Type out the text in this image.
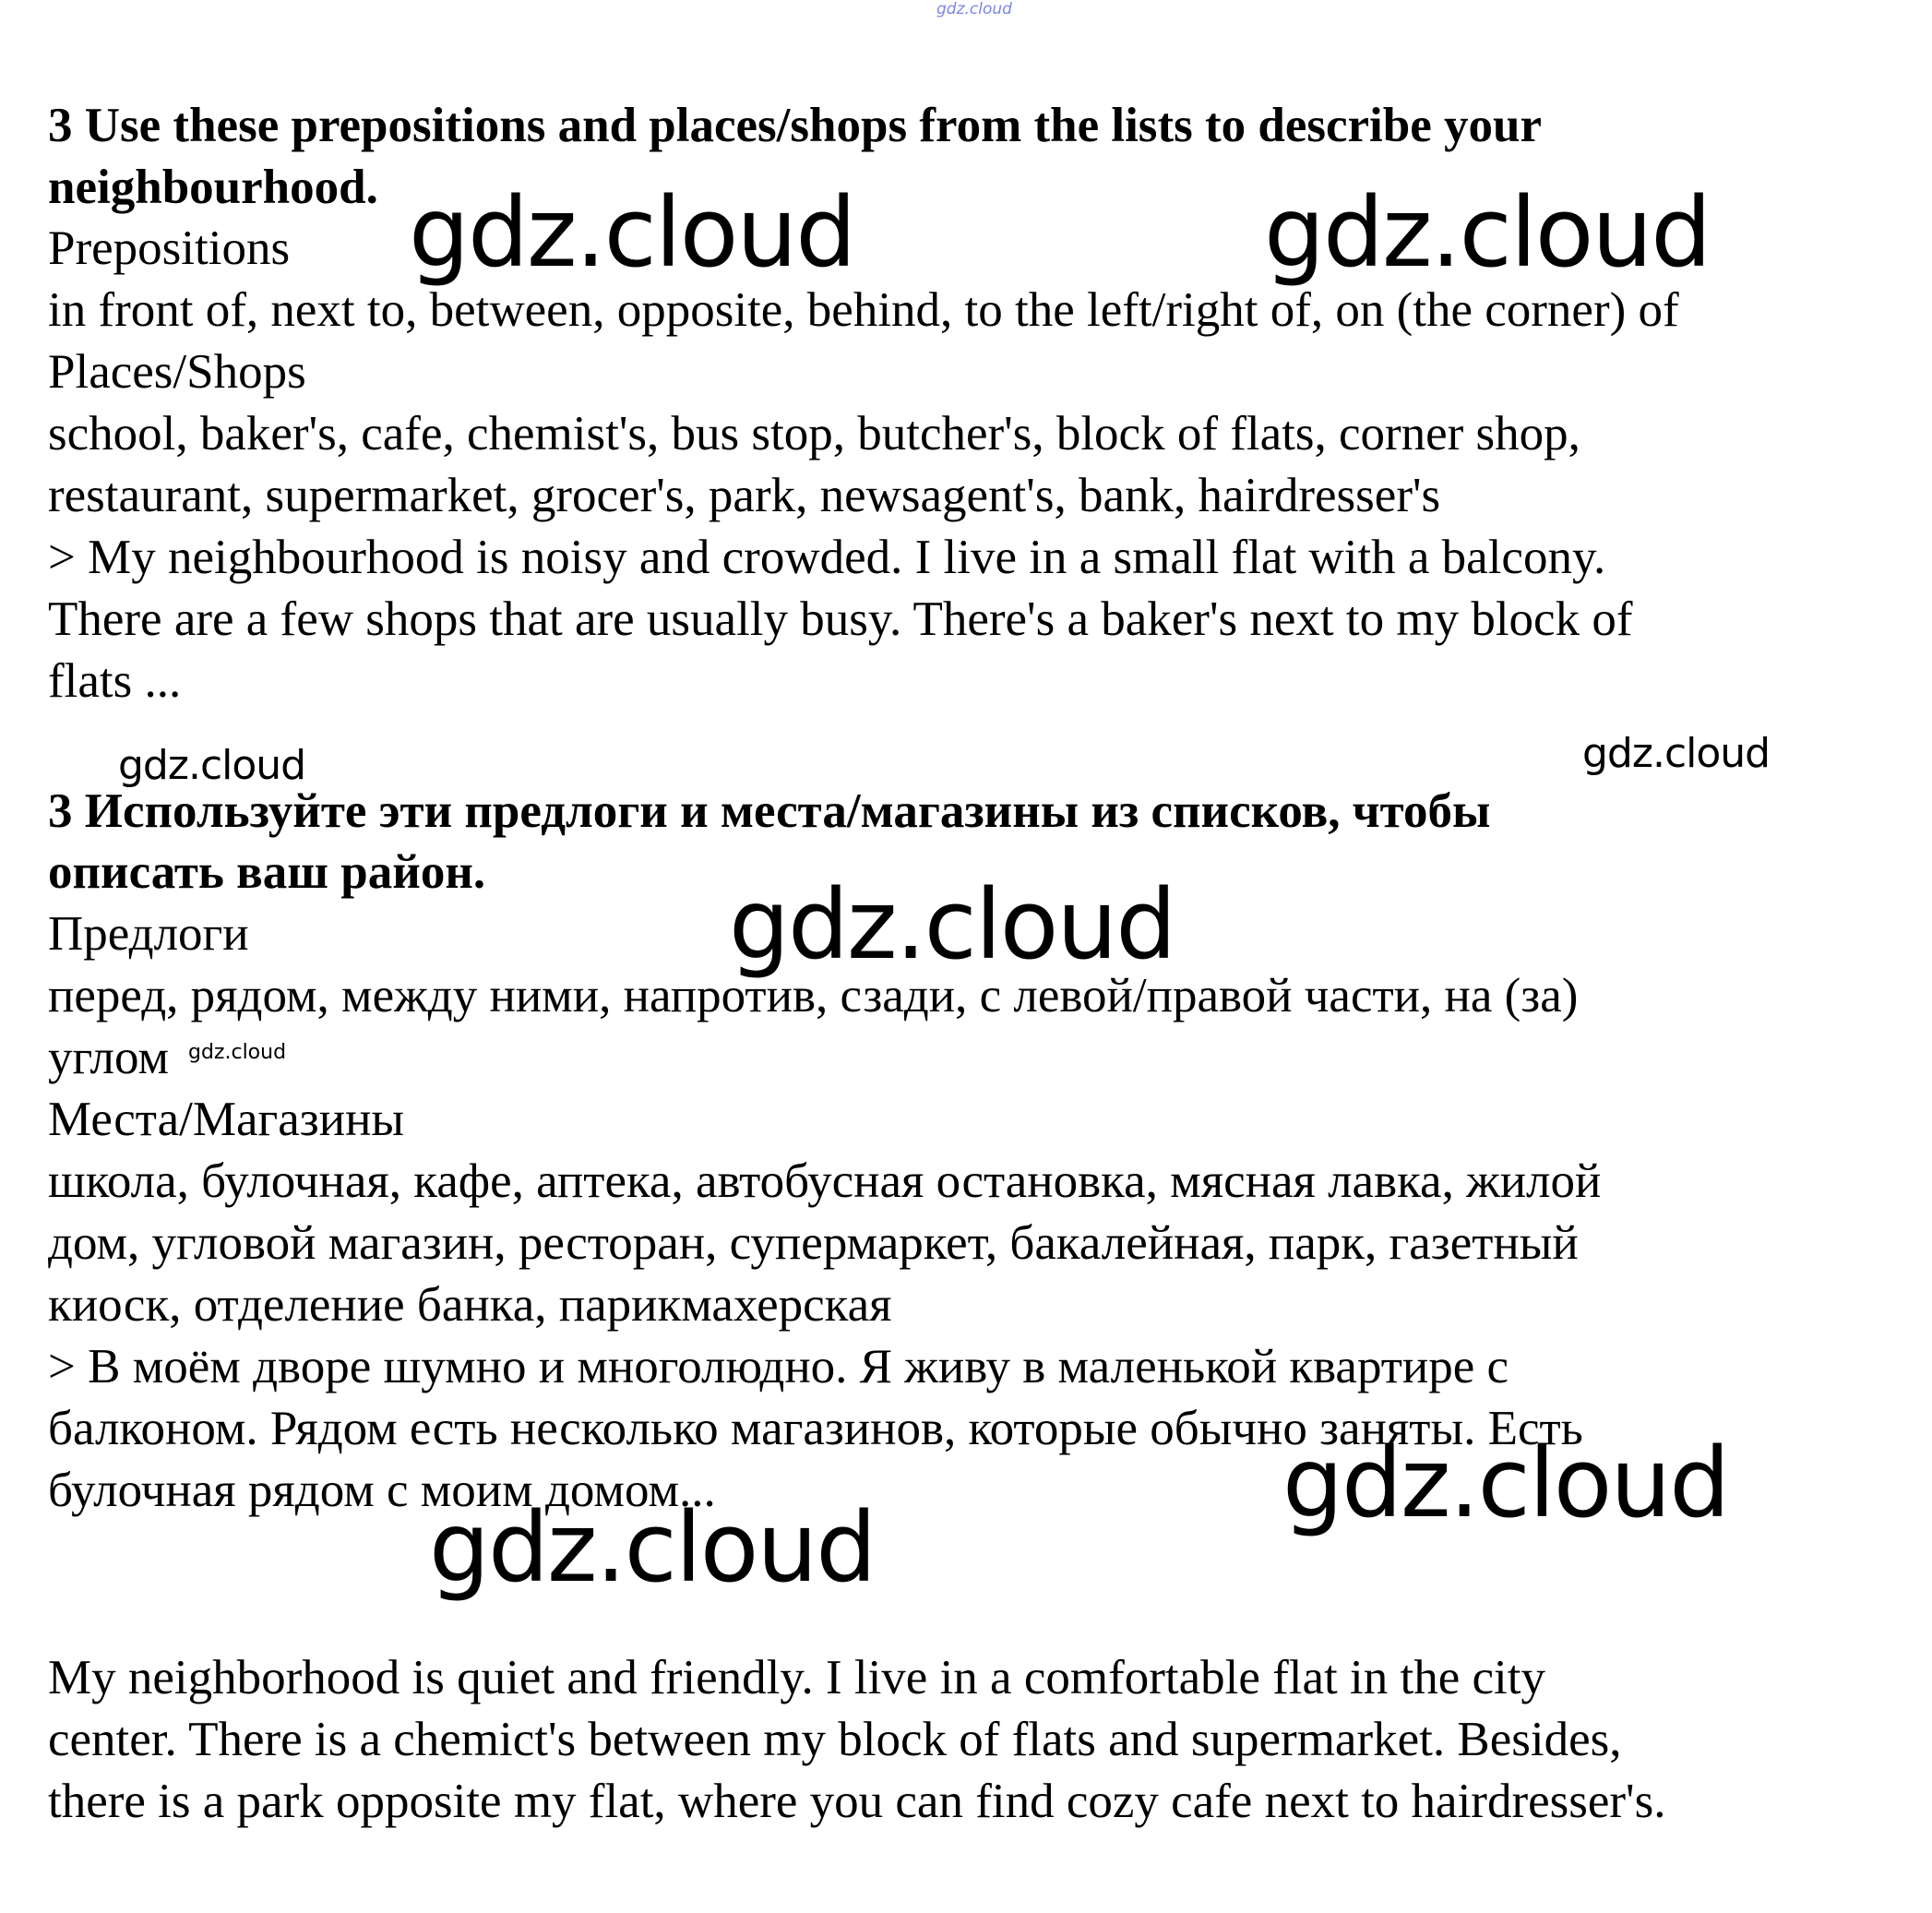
gdz.cloud
3 Use these prepositions and places/shops from the lists to describe your
neighbourhood.
Prepositions
in front of, next to, between, opposite, behind, to the left/right of, on (the corner) of
Places/Shops
school, baker's, cafe, chemist's, bus stop, butcher's, block of flats, corner shop,
restaurant, supermarket, grocer's, park, newsagent's, bank, hairdresser's
> My neighbourhood is noisy and crowded. I live in a small flat with a balcony.
There are a few shops that are usually busy. There's a baker's next to my block of
flats ...
3 Используйте эти предлоги и места/магазины из списков, чтобы
описать ваш район.
Предлоги
перед, рядом, между ними, напротив, сзади, с левой/правой части, на (за)
углом
Места/Магазины
школа, булочная, кафе, аптека, автобусная остановка, мясная лавка, жилой
дом, угловой магазин, ресторан, супермаркет, бакалейная, парк, газетный
киоск, отделение банка, парикмахерская
> В моём дворе шумно и многолюдно. Я живу в маленькой квартире с
балконом. Рядом есть несколько магазинов, которые обычно заняты. Есть
булочная рядом с моим домом...
My neighborhood is quiet and friendly. I live in a comfortable flat in the city
center. There is a chemict's between my block of flats and supermarket. Besides,
there is a park opposite my flat, where you can find cozy cafe next to hairdresser's.
gdz.cloud	gdz.cloud
gdz.cloud	gdz.cloud
gdz.cloud
gdz.cloud
gdz.cloud
gdz.cloud
